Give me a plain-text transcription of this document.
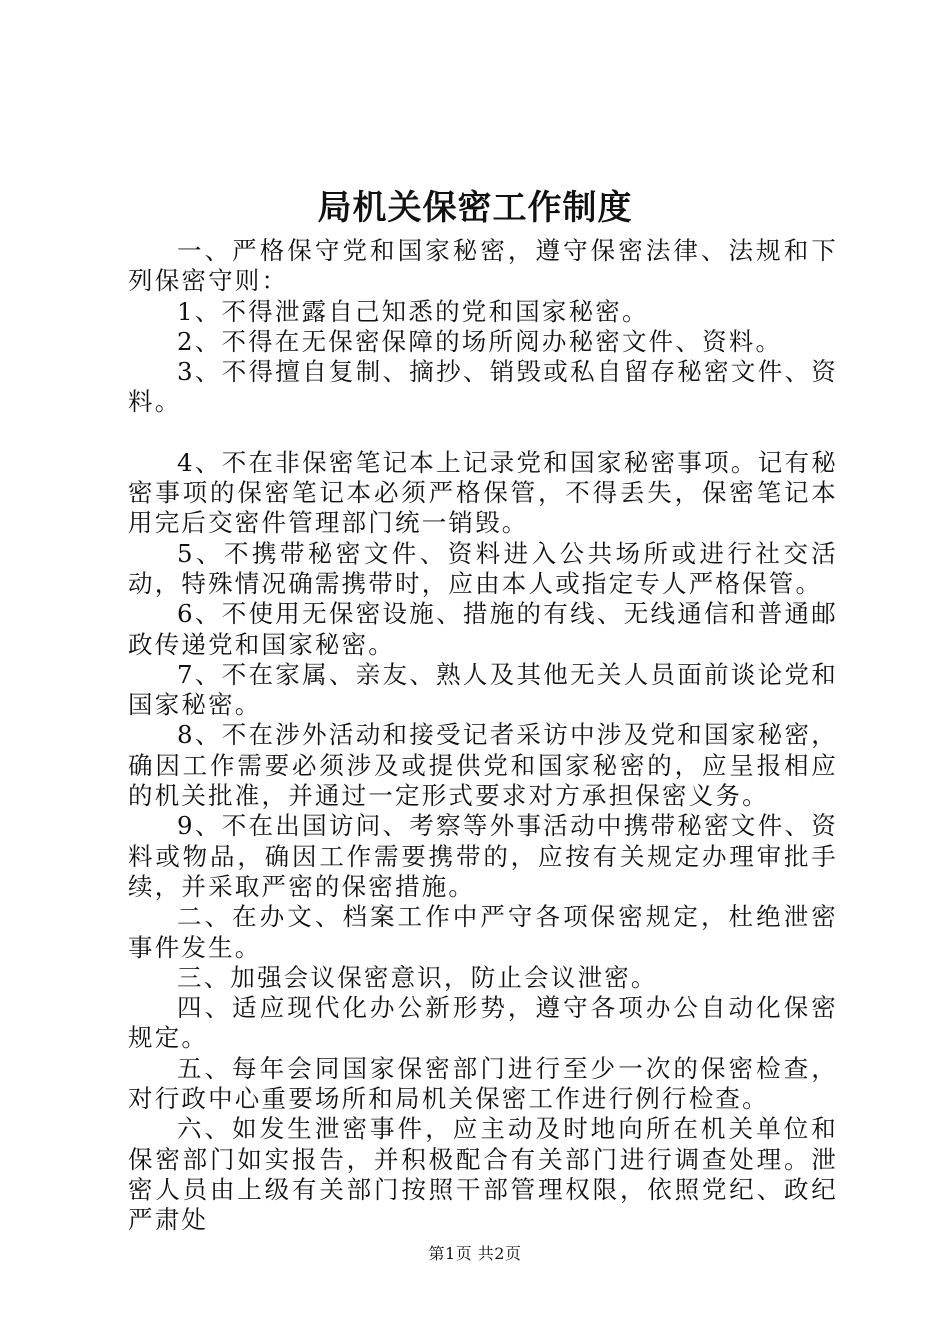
局机关保密工作制度

一、严格保守党和国家秘密，遵守保密法律、法规和下列保密守则：

1、不得泄露自己知悉的党和国家秘密。

2、不得在无保密保障的场所阅办秘密文件、资料。

3、不得擅自复制、摘抄、销毁或私自留存秘密文件、资料。

4、不在非保密笔记本上记录党和国家秘密事项。记有秘密事项的保密笔记本必须严格保管，不得丢失，保密笔记本用完后交密件管理部门统一销毁。

5、不携带秘密文件、资料进入公共场所或进行社交活动，特殊情况确需携带时，应由本人或指定专人严格保管。

6、不使用无保密设施、措施的有线、无线通信和普通邮政传递党和国家秘密。

7、不在家属、亲友、熟人及其他无关人员面前谈论党和国家秘密。

8、不在涉外活动和接受记者采访中涉及党和国家秘密，确因工作需要必须涉及或提供党和国家秘密的，应呈报相应的机关批准，并通过一定形式要求对方承担保密义务。

9、不在出国访问、考察等外事活动中携带秘密文件、资料或物品，确因工作需要携带的，应按有关规定办理审批手续，并采取严密的保密措施。

二、在办文、档案工作中严守各项保密规定，杜绝泄密事件发生。

三、加强会议保密意识，防止会议泄密。

四、适应现代化办公新形势，遵守各项办公自动化保密规定。

五、每年会同国家保密部门进行至少一次的保密检查，对行政中心重要场所和局机关保密工作进行例行检查。

六、如发生泄密事件，应主动及时地向所在机关单位和保密部门如实报告，并积极配合有关部门进行调查处理。泄密人员由上级有关部门按照干部管理权限，依照党纪、政纪严肃处

第1页 共2页
